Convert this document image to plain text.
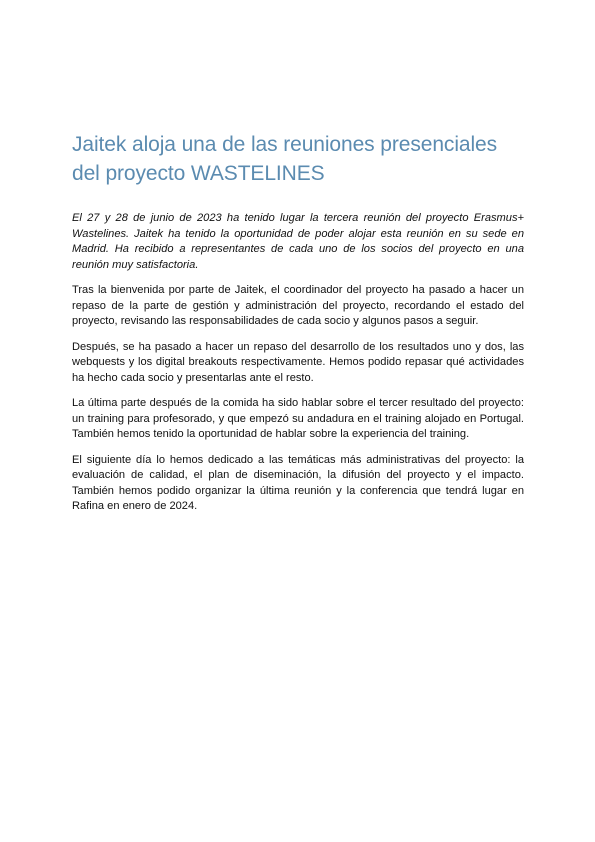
Jaitek aloja una de las reuniones presenciales del proyecto WASTELINES

El 27 y 28 de junio de 2023 ha tenido lugar la tercera reunión del proyecto Erasmus+ Wastelines. Jaitek ha tenido la oportunidad de poder alojar esta reunión en su sede en Madrid. Ha recibido a representantes de cada uno de los socios del proyecto en una reunión muy satisfactoria.

Tras la bienvenida por parte de Jaitek, el coordinador del proyecto ha pasado a hacer un repaso de la parte de gestión y administración del proyecto, recordando el estado del proyecto, revisando las responsabilidades de cada socio y algunos pasos a seguir.

Después, se ha pasado a hacer un repaso del desarrollo de los resultados uno y dos, las webquests y los digital breakouts respectivamente. Hemos podido repasar qué actividades ha hecho cada socio y presentarlas ante el resto.

La última parte después de la comida ha sido hablar sobre el tercer resultado del proyecto: un training para profesorado, y que empezó su andadura en el training alojado en Portugal. También hemos tenido la oportunidad de hablar sobre la experiencia del training.

El siguiente día lo hemos dedicado a las temáticas más administrativas del proyecto: la evaluación de calidad, el plan de diseminación, la difusión del proyecto y el impacto. También hemos podido organizar la última reunión y la conferencia que tendrá lugar en Rafina en enero de 2024.
